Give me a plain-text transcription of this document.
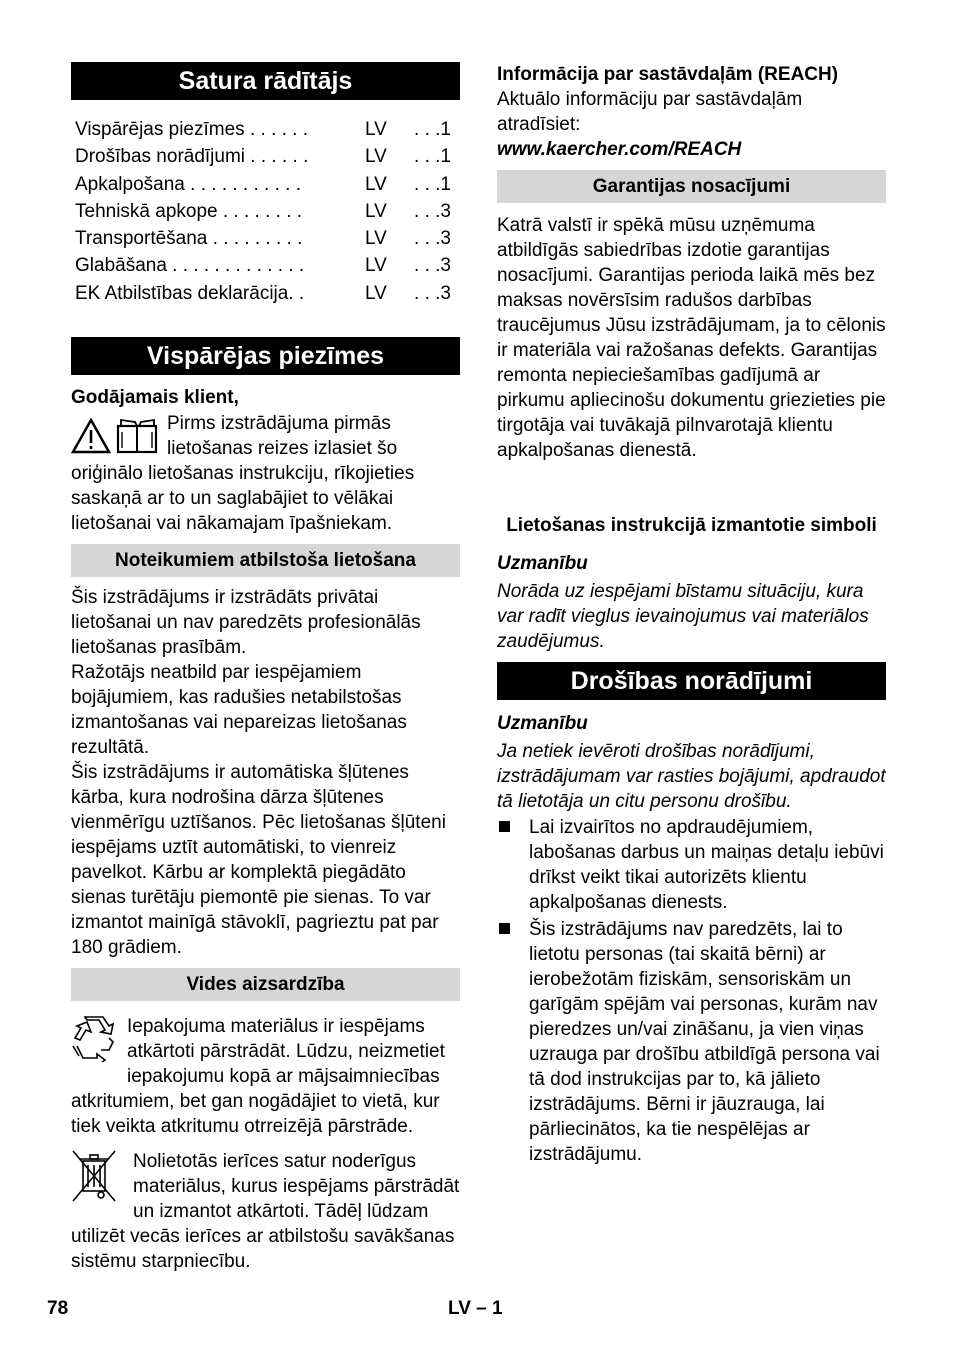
Satura rādītājs
Vispārējas piezīmes . . . . . .	LV	. . .1
Drošības norādījumi . . . . . .	LV	. . .1
Apkalpošana . . . . . . . . . . .	LV	. . .1
Tehniskā apkope . . . . . . . .	LV	. . .3
Transportēšana . . . . . . . . .	LV	. . .3
Glabāšana . . . . . . . . . . . . .	LV	. . .3
EK Atbilstības deklarācija. .	LV	. . .3
Vispārējas piezīmes

Godājamais klient,

Pirms izstrādājuma pirmās lietošanas reizes izlasiet šo oriģinālo lietošanas instrukciju, rīkojieties saskaņā ar to un saglabājiet to vēlākai lietošanai vai nākamajam īpašniekam.

Noteikumiem atbilstoša lietošana

Šis izstrādājums ir izstrādāts privātai lietošanai un nav paredzēts profesionālās lietošanas prasībām.

Ražotājs neatbild par iespējamiem bojājumiem, kas radušies netabilstošas izmantošanas vai nepareizas lietošanas rezultātā.

Šis izstrādājums ir automātiska šļūtenes kārba, kura nodrošina dārza šļūtenes vienmērīgu uztīšanos. Pēc lietošanas šļūteni iespējams uztīt automātiski, to vienreiz pavelkot. Kārbu ar komplektā piegādāto sienas turētāju piemontē pie sienas. To var izmantot mainīgā stāvoklī, pagrieztu pat par 180 grādiem.

Vides aizsardzība

Iepakojuma materiālus ir iespējams atkārtoti pārstrādāt. Lūdzu, neizmetiet iepakojumu kopā ar mājsaimniecības atkritumiem, bet gan nogādājiet to vietā, kur tiek veikta atkritumu otrreizējā pārstrāde.

Nolietotās ierīces satur noderīgus materiālus, kurus iespējams pārstrādāt un izmantot atkārtoti. Tādēļ lūdzam utilizēt vecās ierīces ar atbilstošu savākšanas sistēmu starpniecību.

Informācija par sastāvdaļām (REACH)

Aktuālo informāciju par sastāvdaļām atradīsiet:

www.kaercher.com/REACH

Garantijas nosacījumi

Katrā valstī ir spēkā mūsu uzņēmuma atbildīgās sabiedrības izdotie garantijas nosacījumi. Garantijas perioda laikā mēs bez maksas novērsīsim radušos darbības traucējumus Jūsu izstrādājumam, ja to cēlonis ir materiāla vai ražošanas defekts. Garantijas remonta nepieciešamības gadījumā ar pirkumu apliecinošu dokumentu griezieties pie tirgotāja vai tuvākajā pilnvarotajā klientu apkalpošanas dienestā.

Lietošanas instrukcijā izmantotie simboli

Uzmanību

Norāda uz iespējami bīstamu situāciju, kura var radīt vieglus ievainojumus vai materiālos zaudējumus.

Drošības norādījumi

Uzmanību

Ja netiek ievēroti drošības norādījumi, izstrādājumam var rasties bojājumi, apdraudot tā lietotāja un citu personu drošību.

Lai izvairītos no apdraudējumiem, labošanas darbus un maiņas detaļu iebūvi drīkst veikt tikai autorizēts klientu apkalpošanas dienests.
Šis izstrādājums nav paredzēts, lai to lietotu personas (tai skaitā bērni) ar ierobežotām fiziskām, sensoriskām un garīgām spējām vai personas, kurām nav pieredzes un/vai zināšanu, ja vien viņas uzrauga par drošību atbildīgā persona vai tā dod instrukcijas par to, kā jālieto izstrādājums. Bērni ir jāuzrauga, lai pārliecinātos, ka tie nespēlējas ar izstrādājumu.
78	LV – 1
